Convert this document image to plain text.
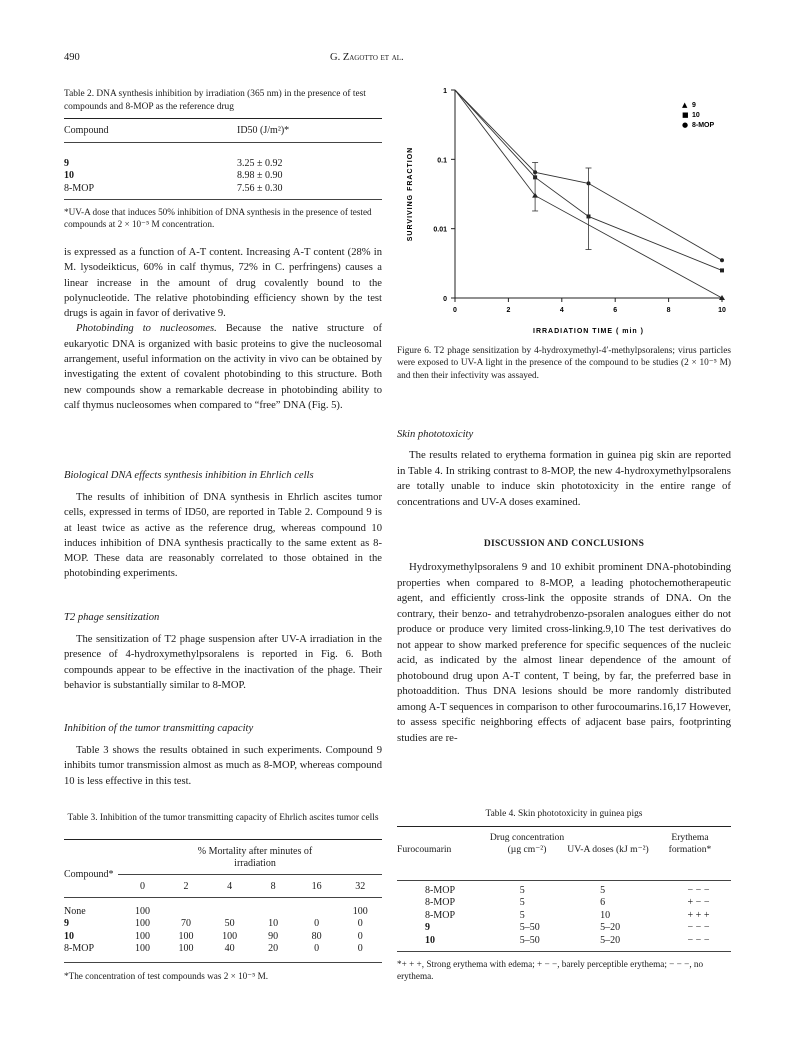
490	G. Zagotto et al.
Table 2. DNA synthesis inhibition by irradiation (365 nm) in the presence of test compounds and 8-MOP as the reference drug
Compound	ID50 (J/m²)*
9	3.25 ± 0.92
10	8.98 ± 0.90
8-MOP	7.56 ± 0.30
*UV-A dose that induces 50% inhibition of DNA synthesis in the presence of tested compounds at 2 × 10⁻⁵ M concentration.

is expressed as a function of A-T content. Increasing A-T content (28% in M. lysodeikticus, 60% in calf thymus, 72% in C. perfringens) causes a linear increase in the amount of drug covalently bound to the polynucleotide. The relative photobinding efficiency shown by the test drugs is again in favor of derivative 9.

Photobinding to nucleosomes. Because the native structure of eukaryotic DNA is organized with basic proteins to give the nucleosomal arrangement, useful information on the activity in vivo can be obtained by investigating the extent of covalent photobinding to this structure. Both new compounds show a remarkable decrease in photobinding ability to calf thymus nucleosomes when compared to “free” DNA (Fig. 5).

Biological DNA effects synthesis inhibition in Ehrlich cells

The results of inhibition of DNA synthesis in Ehrlich ascites tumor cells, expressed in terms of ID50, are reported in Table 2. Compound 9 is at least twice as active as the reference drug, whereas compound 10 induces inhibition of DNA synthesis practically to the same extent as 8-MOP. These data are reasonably correlated to those obtained in the photobinding experiments.

T2 phage sensitization

The sensitization of T2 phage suspension after UV-A irradiation in the presence of 4-hydroxymethylpsoralens is reported in Fig. 6. Both compounds appear to be effective in the inactivation of the phage. Their behavior is substantially similar to 8-MOP.

Inhibition of the tumor transmitting capacity

Table 3 shows the results obtained in such experiments. Compound 9 inhibits tumor transmission almost as much as 8-MOP, whereas compound 10 is less effective in this test.

1
0.1
0.01
0
0	2	4	6	8	10
IRRADIATION TIME ( min )
SURVIVING FRACTION
▲ 9
■ 10
● 8-MOP
Figure 6. T2 phage sensitization by 4-hydroxymethyl-4′-methylpsoralens; virus particles were exposed to UV-A light in the presence of the compound to be studies (2 × 10⁻⁵ M) and then their infectivity was assayed.
Skin phototoxicity

The results related to erythema formation in guinea pig skin are reported in Table 4. In striking contrast to 8-MOP, the new 4-hydroxymethylpsoralens are totally unable to induce skin phototoxicity in the entire range of concentrations and UV-A doses examined.

DISCUSSION AND CONCLUSIONS

Hydroxymethylpsoralens 9 and 10 exhibit prominent DNA-photobinding properties when compared to 8-MOP, a leading photochemotherapeutic agent, and efficiently cross-link the opposite strands of DNA. On the contrary, their benzo- and tetrahydrobenzo-psoralen analogues either do not produce or produce very limited cross-linking.9,10 The test derivatives do not appear to show marked preference for specific sequences of the nucleic acid, as indicated by the almost linear dependence of the amount of photobound drug upon A-T content, T being, by far, the preferred base in photoaddition. Thus DNA lesions should be more randomly distributed among A-T sequences in comparison to other furocoumarins.16,17 However, to assess specific neighboring effects of adjacent base pairs, footprinting studies are re-

Table 3. Inhibition of the tumor transmitting capacity of Ehrlich ascites tumor cells
% Mortality after minutes of irradiation
Compound*
	0	2	4	8	16	32
None	100					100
9	100	70	50	10	0	0
10	100	100	100	90	80	0
8-MOP	100	100	40	20	0	0
*The concentration of test compounds was 2 × 10⁻⁵ M.
Table 4. Skin phototoxicity in guinea pigs
Furocoumarin	Drug concentration (µg cm⁻²)	UV-A doses (kJ m⁻²)	Erythema formation*
8-MOP	5	5	− − −
8-MOP	5	6	+ − −
8-MOP	5	10	+ + +
9	5–50	5–20	− − −
10	5–50	5–20	− − −
*+ + +, Strong erythema with edema; + − −, barely perceptible erythema; − − −, no erythema.
